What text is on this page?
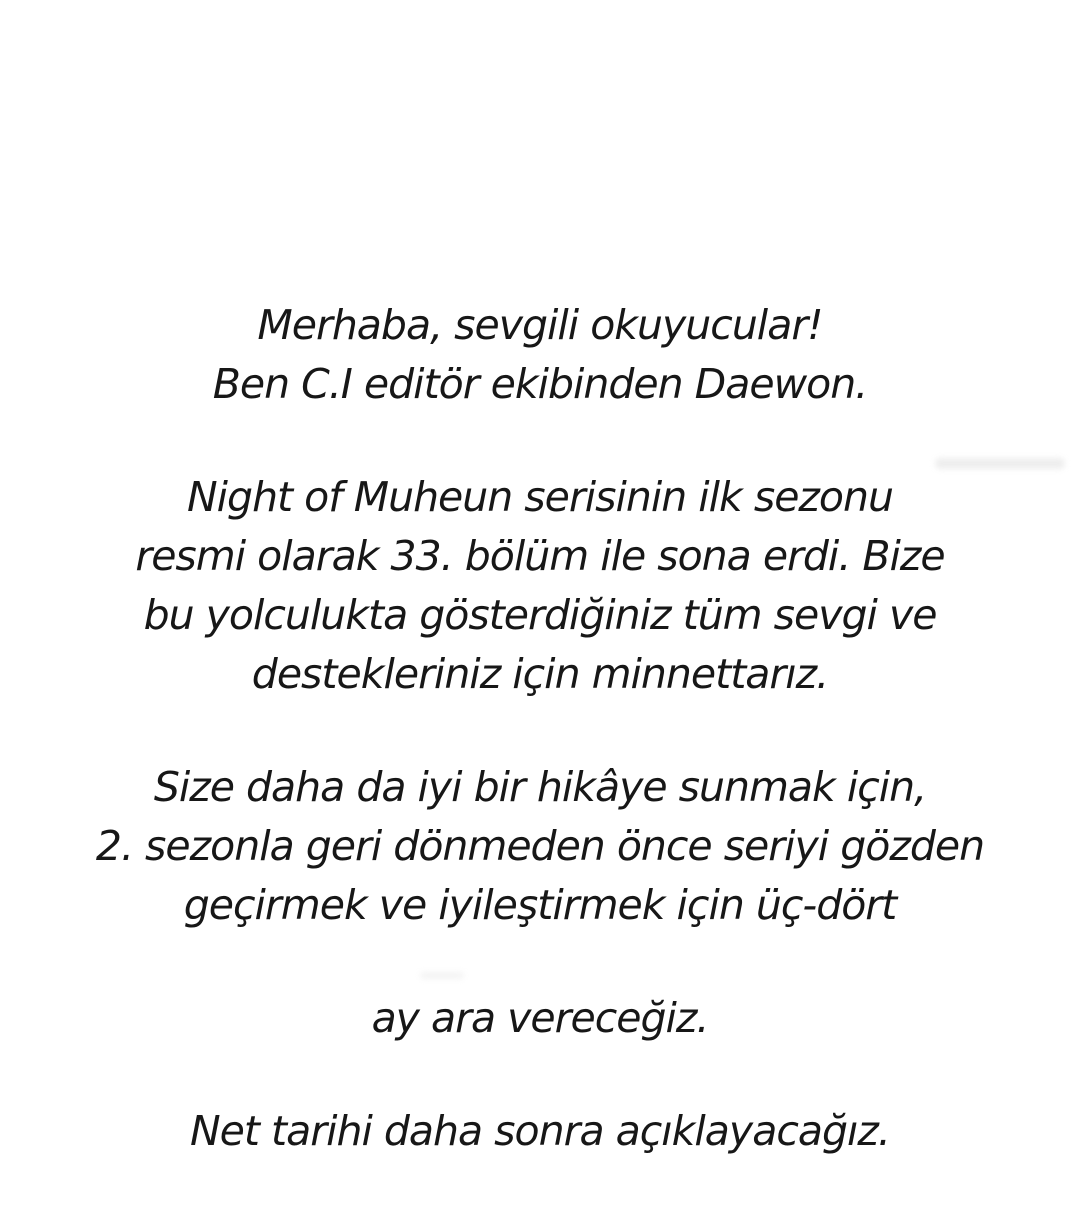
Merhaba, sevgili okuyucular!
Ben C.I editör ekibinden Daewon.
Night of Muheun serisinin ilk sezonu
resmi olarak 33. bölüm ile sona erdi. Bize
bu yolculukta gösterdiğiniz tüm sevgi ve
destekleriniz için minnettarız.
Size daha da iyi bir hikâye sunmak için,
2. sezonla geri dönmeden önce seriyi gözden
geçirmek ve iyileştirmek için üç-dört
ay ara vereceğiz.
Net tarihi daha sonra açıklayacağız.
